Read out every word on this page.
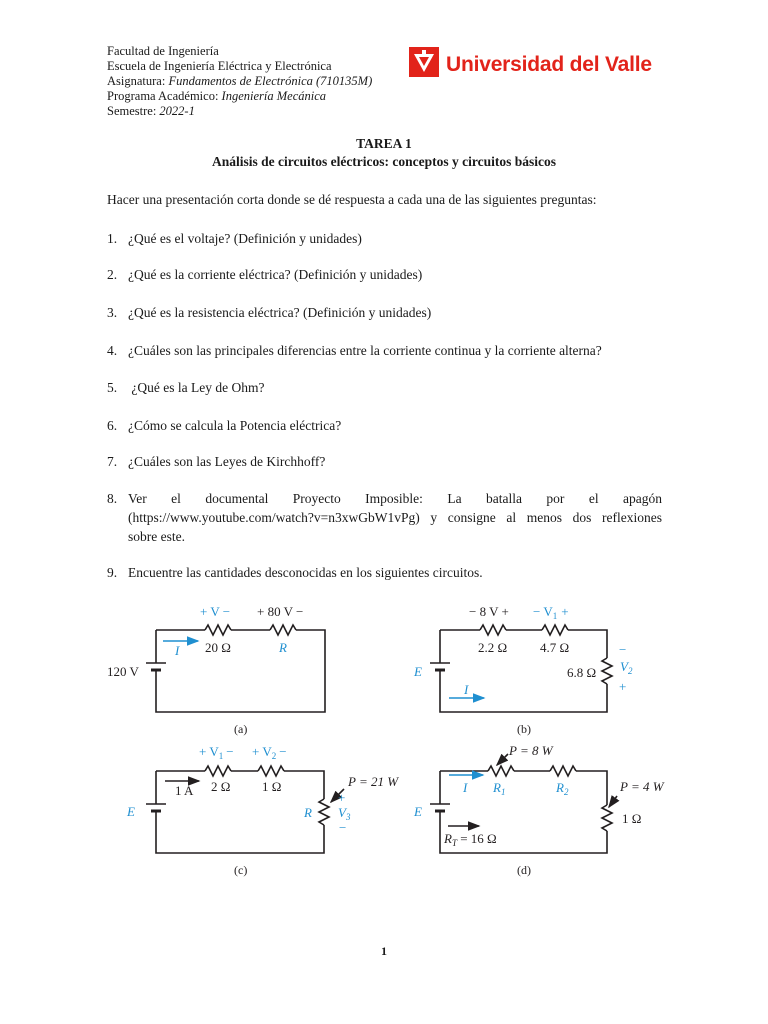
Facultad de Ingeniería
Escuela de Ingeniería Eléctrica y Electrónica
Asignatura: Fundamentos de Electrónica (710135M)
Programa Académico: Ingeniería Mecánica
Semestre: 2022-1
Universidad del Valle
TAREA 1
Análisis de circuitos eléctricos: conceptos y circuitos básicos
Hacer una presentación corta donde se dé respuesta a cada una de las siguientes preguntas:
1. ¿Qué es el voltaje? (Definición y unidades)
2. ¿Qué es la corriente eléctrica? (Definición y unidades)
3. ¿Qué es la resistencia eléctrica? (Definición y unidades)
4. ¿Cuáles son las principales diferencias entre la corriente continua y la corriente alterna?
5. ¿Qué es la Ley de Ohm?
6. ¿Cómo se calcula la Potencia eléctrica?
7. ¿Cuáles son las Leyes de Kirchhoff?
8. Ver el documental Proyecto Imposible: La batalla por el apagón
(https://www.youtube.com/watch?v=n3xwGbW1vPg) y consigne al menos dos reflexiones
sobre este.
9. Encuentre las cantidades desconocidas en los siguientes circuitos.
+ V − + 80 V −
20 Ω	R
I
120 V
(a)
− 8 V + − $V_1$ +
2.2 Ω	4.7 Ω
6.8 Ω
−
$V_2$
+
E
I
(b)
+ $V_1$ − + $V_2$ −
P = 21 W
1 A 2 Ω 1 Ω
R
+
$V_3$
−
E
(c)
P = 8 W
P = 4 W
I $R_1$	$R_2$
1 Ω
E
$R_T = 16$ Ω
(d)
1
